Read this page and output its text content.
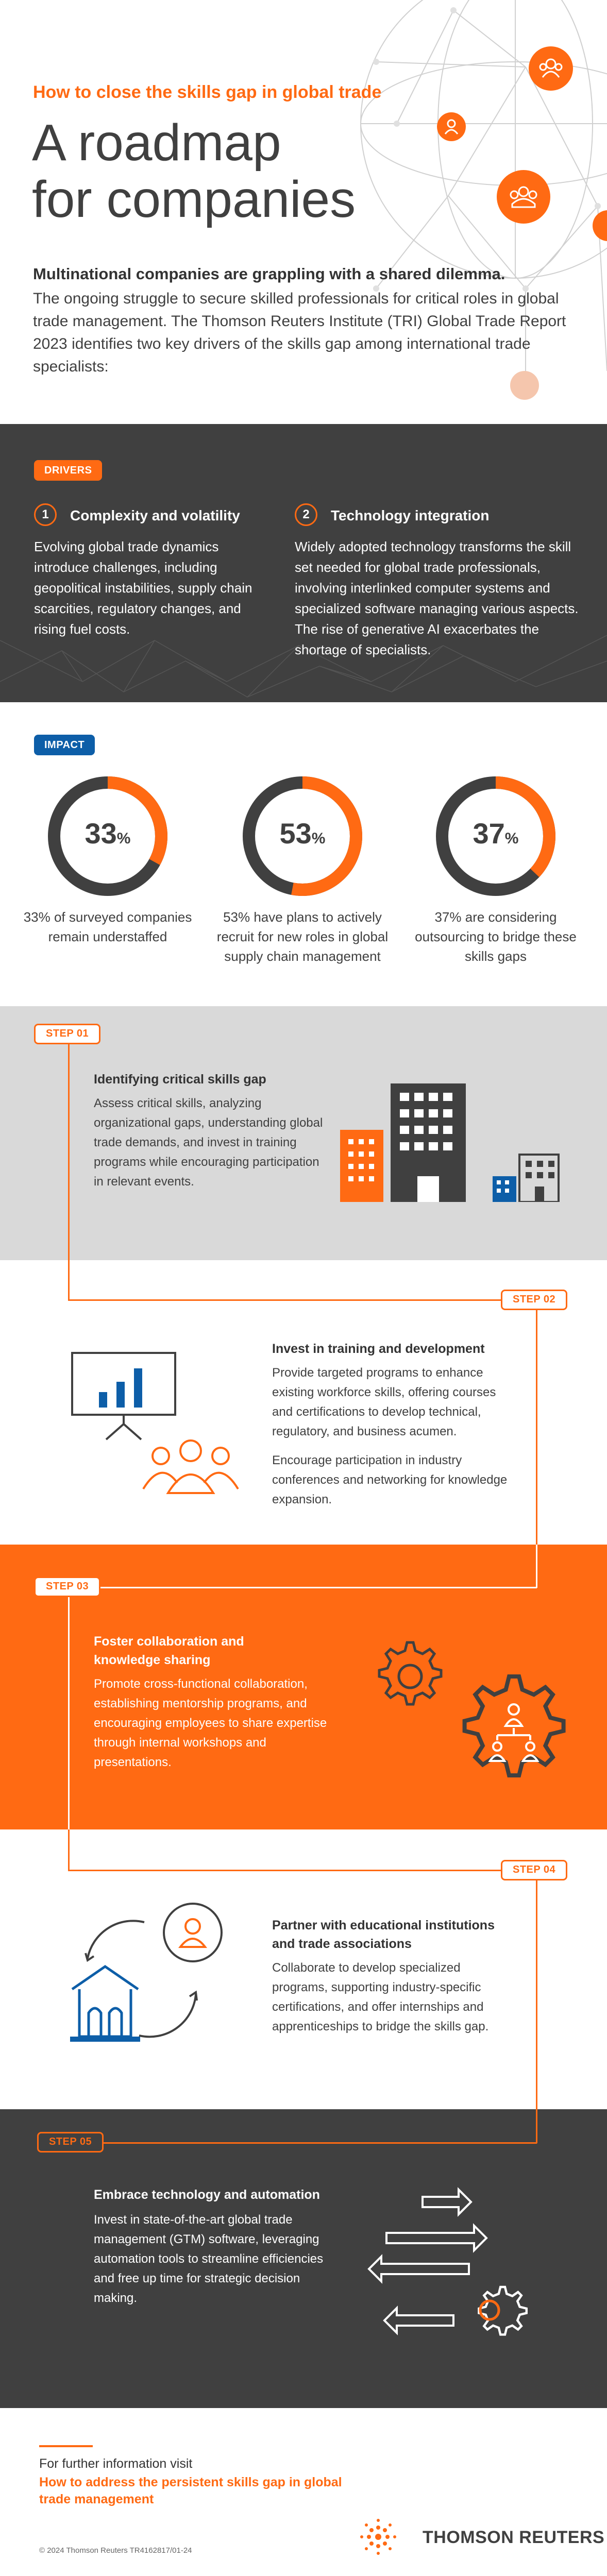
How to close the skills gap in global trade
A roadmap
for companies
Multinational companies are grappling with a shared dilemma.
The ongoing struggle to secure skilled professionals for critical roles in global trade management. The Thomson Reuters Institute (TRI) Global Trade Report 2023 identifies two key drivers of the skills gap among international trade specialists:
DRIVERS
1	Complexity and volatility
Evolving global trade dynamics introduce challenges, including geopolitical instabilities, supply chain scarcities, regulatory changes, and rising fuel costs.
2	Technology integration
Widely adopted technology transforms the skill set needed for global trade professionals, involving interlinked computer systems and specialized software managing various aspects. The rise of generative AI exacerbates the shortage of specialists.
IMPACT
33%
33% of surveyed companies remain understaffed
53%
53% have plans to actively recruit for new roles in global supply chain management
37%
37% are considering outsourcing to bridge these skills gaps
STEP 01
Identifying critical skills gap
Assess critical skills, analyzing organizational gaps, understanding global trade demands, and invest in training programs while encouraging participation in relevant events.
STEP 02
Invest in training and development
Provide targeted programs to enhance existing workforce skills, offering courses and certifications to develop technical, regulatory, and business acumen.
Encourage participation in industry conferences and networking for knowledge expansion.
STEP 03
Foster collaboration and knowledge sharing
Promote cross-functional collaboration, establishing mentorship programs, and encouraging employees to share expertise through internal workshops and presentations.
STEP 04
Partner with educational institutions and trade associations
Collaborate to develop specialized programs, supporting industry-specific certifications, and offer internships and apprenticeships to bridge the skills gap.
STEP 05
Embrace technology and automation
Invest in state-of-the-art global trade management (GTM) software, leveraging automation tools to streamline efficiencies and free up time for strategic decision making.
For further information visit
How to address the persistent skills gap in global trade management
© 2024 Thomson Reuters TR4162817/01-24
THOMSON REUTERS
